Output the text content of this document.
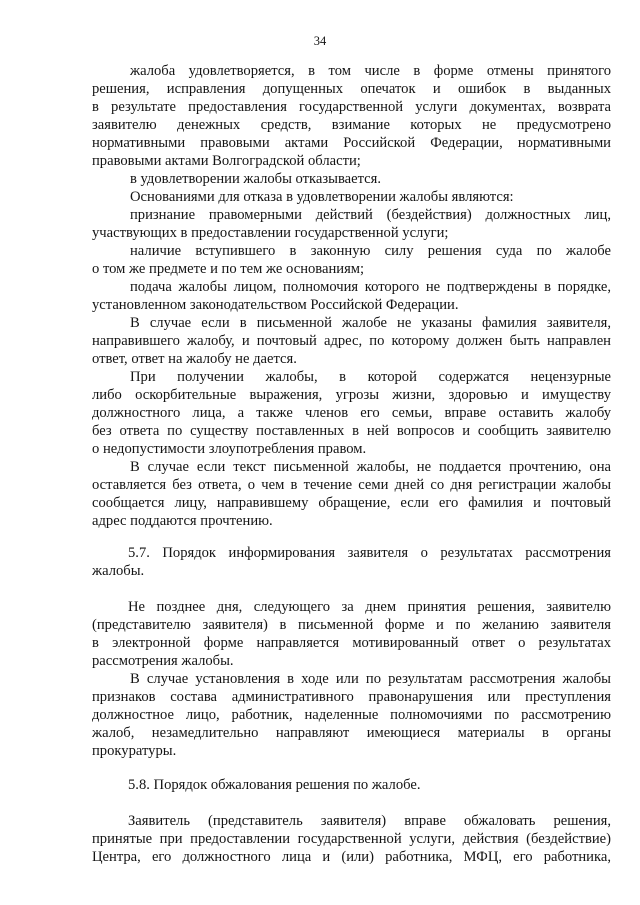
34
жалоба удовлетворяется, в том числе в форме отмены принятого
решения, исправления допущенных опечаток и ошибок в выданных
в результате предоставления государственной услуги документах, возврата
заявителю денежных средств, взимание которых не предусмотрено
нормативными правовыми актами Российской Федерации, нормативными
правовыми актами Волгоградской области;
в удовлетворении жалобы отказывается.
Основаниями для отказа в удовлетворении жалобы являются:
признание правомерными действий (бездействия) должностных лиц,
участвующих в предоставлении государственной услуги;
наличие вступившего в законную силу решения суда по жалобе
о том же предмете и по тем же основаниям;
подача жалобы лицом, полномочия которого не подтверждены в порядке,
установленном законодательством Российской Федерации.
В случае если в письменной жалобе не указаны фамилия заявителя,
направившего жалобу, и почтовый адрес, по которому должен быть направлен
ответ, ответ на жалобу не дается.
При получении жалобы, в которой содержатся нецензурные
либо оскорбительные выражения, угрозы жизни, здоровью и имуществу
должностного лица, а также членов его семьи, вправе оставить жалобу
без ответа по существу поставленных в ней вопросов и сообщить заявителю
о недопустимости злоупотребления правом.
В случае если текст письменной жалобы, не поддается прочтению, она
оставляется без ответа, о чем в течение семи дней со дня регистрации жалобы
сообщается лицу, направившему обращение, если его фамилия и почтовый
адрес поддаются прочтению.
5.7. Порядок информирования заявителя о результатах рассмотрения
жалобы.
Не позднее дня, следующего за днем принятия решения, заявителю
(представителю заявителя) в письменной форме и по желанию заявителя
в электронной форме направляется мотивированный ответ о результатах
рассмотрения жалобы.
В случае установления в ходе или по результатам рассмотрения жалобы
признаков состава административного правонарушения или преступления
должностное лицо, работник, наделенные полномочиями по рассмотрению
жалоб, незамедлительно направляют имеющиеся материалы в органы
прокуратуры.
5.8. Порядок обжалования решения по жалобе.
Заявитель (представитель заявителя) вправе обжаловать решения,
принятые при предоставлении государственной услуги, действия (бездействие)
Центра, его должностного лица и (или) работника, МФЦ, его работника,
